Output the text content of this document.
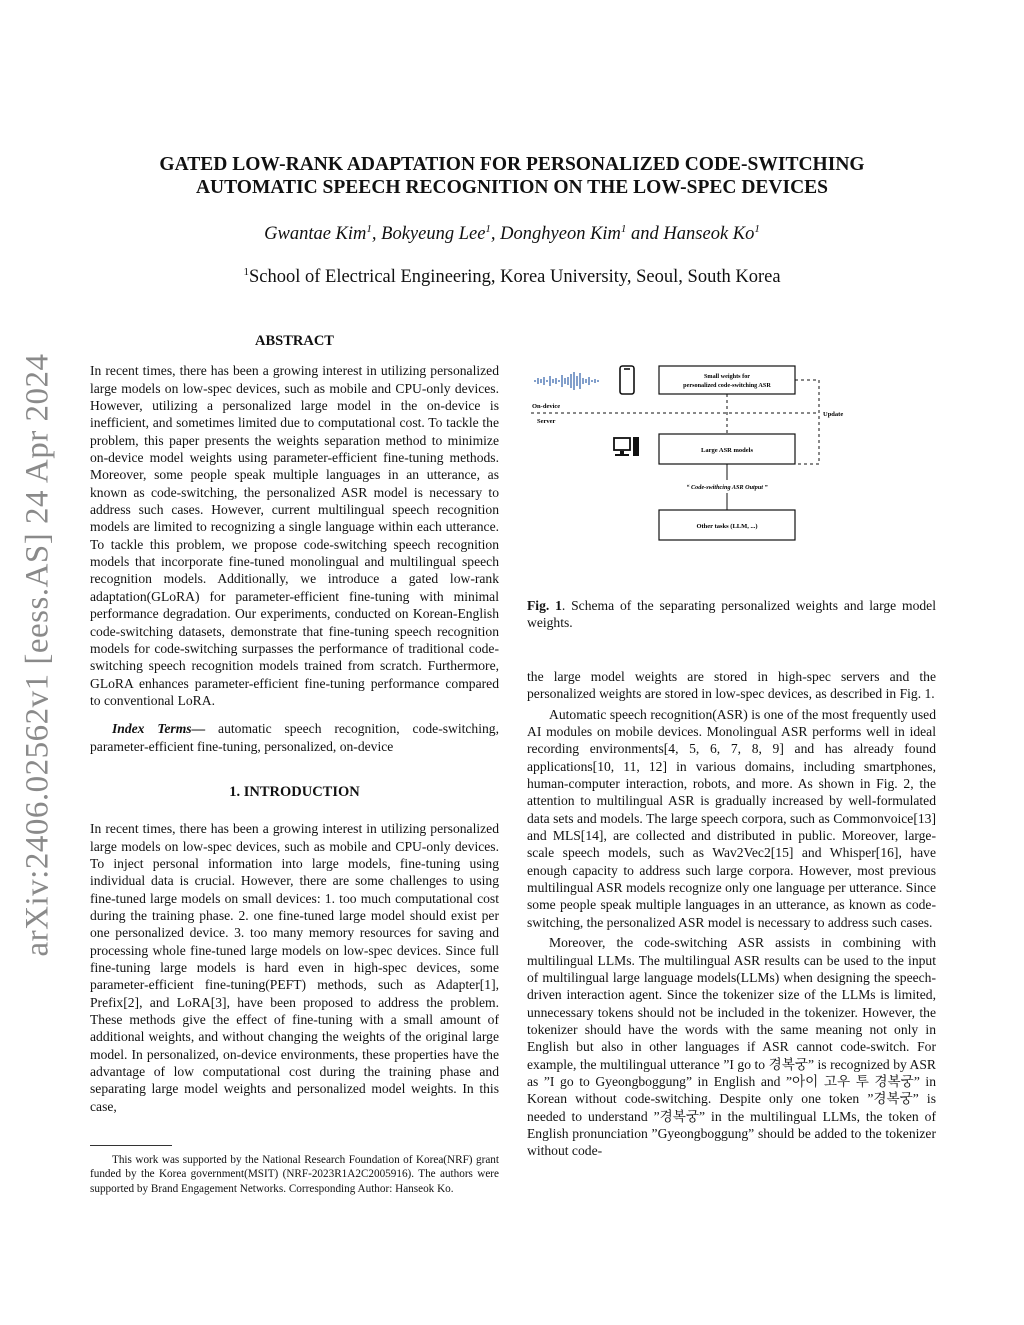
arXiv:2406.02562v1 [eess.AS] 24 Apr 2024
GATED LOW-RANK ADAPTATION FOR PERSONALIZED CODE-SWITCHING
AUTOMATIC SPEECH RECOGNITION ON THE LOW-SPEC DEVICES
Gwantae Kim$^1$, Bokyeung Lee$^1$, Donghyeon Kim$^1$ and Hanseok Ko$^1$
$^1$School of Electrical Engineering, Korea University, Seoul, South Korea

ABSTRACT

In recent times, there has been a growing interest in utilizing personalized large models on low-spec devices, such as mobile and CPU-only devices. However, utilizing a personalized large model in the on-device is inefficient, and sometimes limited due to computational cost. To tackle the problem, this paper presents the weights separation method to minimize on-device model weights using parameter-efficient fine-tuning methods. Moreover, some people speak multiple languages in an utterance, as known as code-switching, the personalized ASR model is necessary to address such cases. However, current multilingual speech recognition models are limited to recognizing a single language within each utterance. To tackle this problem, we propose code-switching speech recognition models that incorporate fine-tuned monolingual and multilingual speech recognition models. Additionally, we introduce a gated low-rank adaptation(GLoRA) for parameter-efficient fine-tuning with minimal performance degradation. Our experiments, conducted on Korean-English code-switching datasets, demonstrate that fine-tuning speech recognition models for code-switching surpasses the performance of traditional code-switching speech recognition models trained from scratch. Furthermore, GLoRA enhances parameter-efficient fine-tuning performance compared to conventional LoRA.

Index Terms— automatic speech recognition, code-switching, parameter-efficient fine-tuning, personalized, on-device

1. INTRODUCTION

In recent times, there has been a growing interest in utilizing personalized large models on low-spec devices, such as mobile and CPU-only devices. To inject personal information into large models, fine-tuning using individual data is crucial. However, there are some challenges to using fine-tuned large models on small devices: 1. too much computational cost during the training phase. 2. one fine-tuned large model should exist per one personalized device. 3. too many memory resources for saving and processing whole fine-tuned large models on low-spec devices. Since full fine-tuning large models is hard even in high-spec devices, some parameter-efficient fine-tuning(PEFT) methods, such as Adapter[1], Prefix[2], and LoRA[3], have been proposed to address the problem. These methods give the effect of fine-tuning with a small amount of additional weights, and without changing the weights of the original large model. In personalized, on-device environments, these properties have the advantage of low computational cost during the training phase and separating large model weights and personalized model weights. In this case,

This work was supported by the National Research Foundation of Korea(NRF) grant funded by the Korea government(MSIT) (NRF-2023R1A2C2005916). The authors were supported by Brand Engagement Networks. Corresponding Author: Hanseok Ko.

Small weights for
personalized code-switching ASR
On-device
Server
Update
Large ASR models
“ Code-swithcing ASR Output ”
Other tasks (LLM, ...)
Fig. 1. Schema of the separating personalized weights and large model weights.

the large model weights are stored in high-spec servers and the personalized weights are stored in low-spec devices, as described in Fig. 1.

Automatic speech recognition(ASR) is one of the most frequently used AI modules on mobile devices. Monolingual ASR performs well in ideal recording environments[4, 5, 6, 7, 8, 9] and has already found applications[10, 11, 12] in various domains, including smartphones, human-computer interaction, robots, and more. As shown in Fig. 2, the attention to multilingual ASR is gradually increased by well-formulated data sets and models. The large speech corpora, such as Commonvoice[13] and MLS[14], are collected and distributed in public. Moreover, large-scale speech models, such as Wav2Vec2[15] and Whisper[16], have enough capacity to address such large corpora. However, most previous multilingual ASR models recognize only one language per utterance. Since some people speak multiple languages in an utterance, as known as code-switching, the personalized ASR model is necessary to address such cases.

Moreover, the code-switching ASR assists in combining with multilingual LLMs. The multilingual ASR results can be used to the input of multilingual large language models(LLMs) when designing the speech-driven interaction agent. Since the tokenizer size of the LLMs is limited, unnecessary tokens should not be included in the tokenizer. However, the tokenizer should have the words with the same meaning not only in English but also in other languages if ASR cannot code-switch. For example, the multilingual utterance ”I go to 경복궁” is recognized by ASR as ”I go to Gyeongboggung” in English and ”아이 고우 투 경복궁” in Korean without code-switching. Despite only one token ”경복궁” is needed to understand ”경복궁” in the multilingual LLMs, the token of English pronunciation ”Gyeongboggung” should be added to the tokenizer without code-
